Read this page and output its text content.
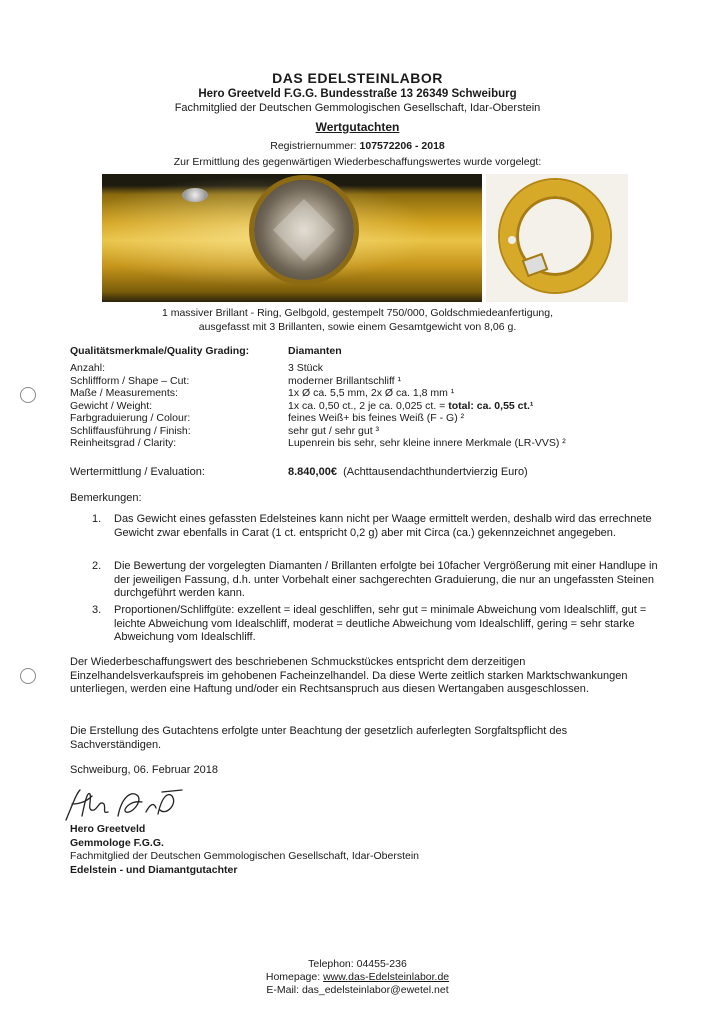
DAS EDELSTEINLABOR
Hero Greetveld F.G.G. Bundesstraße 13 26349 Schweiburg
Fachmitglied der Deutschen Gemmologischen Gesellschaft, Idar-Oberstein
Wertgutachten
Registriernummer: 107572206 - 2018
Zur Ermittlung des gegenwärtigen Wiederbeschaffungswertes wurde vorgelegt:
1 massiver Brillant - Ring, Gelbgold, gestempelt 750/000, Goldschmiedeanfertigung,
ausgefasst mit 3 Brillanten, sowie einem Gesamtgewicht von 8,06 g.
Qualitätsmerkmale/Quality Grading:	Diamanten
Anzahl:	3 Stück
Schliffform / Shape – Cut:	moderner Brillantschliff ¹
Maße / Measurements:	1x Ø ca. 5,5 mm, 2x Ø ca. 1,8 mm ¹
Gewicht / Weight:	1x ca. 0,50 ct., 2 je ca. 0,025 ct. = total: ca. 0,55 ct.¹
Farbgraduierung / Colour:	feines Weiß+ bis feines Weiß (F - G) ²
Schliffausführung / Finish:	sehr gut / sehr gut ³
Reinheitsgrad / Clarity:	Lupenrein bis sehr, sehr kleine innere Merkmale (LR-VVS) ²
Wertermittlung / Evaluation:	8.840,00€ (Achttausendachthundertvierzig Euro)
Bemerkungen:
1. Das Gewicht eines gefassten Edelsteines kann nicht per Waage ermittelt werden, deshalb wird das errechnete Gewicht zwar ebenfalls in Carat (1 ct. entspricht 0,2 g) aber mit Circa (ca.) gekennzeichnet angegeben.
2. Die Bewertung der vorgelegten Diamanten / Brillanten erfolgte bei 10facher Vergrößerung mit einer Handlupe in der jeweiligen Fassung, d.h. unter Vorbehalt einer sachgerechten Graduierung, die nur an ungefassten Steinen durchgeführt werden kann.
3. Proportionen/Schliffgüte: exzellent = ideal geschliffen, sehr gut = minimale Abweichung vom Idealschliff, gut = leichte Abweichung vom Idealschliff, moderat = deutliche Abweichung vom Idealschliff, gering = sehr starke Abweichung vom Idealschliff.
Der Wiederbeschaffungswert des beschriebenen Schmuckstückes entspricht dem derzeitigen Einzelhandelsverkaufspreis im gehobenen Facheinzelhandel. Da diese Werte zeitlich starken Marktschwankungen unterliegen, werden eine Haftung und/oder ein Rechtsanspruch aus diesen Wertangaben ausgeschlossen.
Die Erstellung des Gutachtens erfolgte unter Beachtung der gesetzlich auferlegten Sorgfaltspflicht des Sachverständigen.
Schweiburg, 06. Februar 2018
Hero Greetveld
Gemmologe F.G.G.
Fachmitglied der Deutschen Gemmologischen Gesellschaft, Idar-Oberstein
Edelstein - und Diamantgutachter
Telephon: 04455-236
Homepage: www.das-Edelsteinlabor.de
E-Mail: das_edelsteinlabor@ewetel.net
